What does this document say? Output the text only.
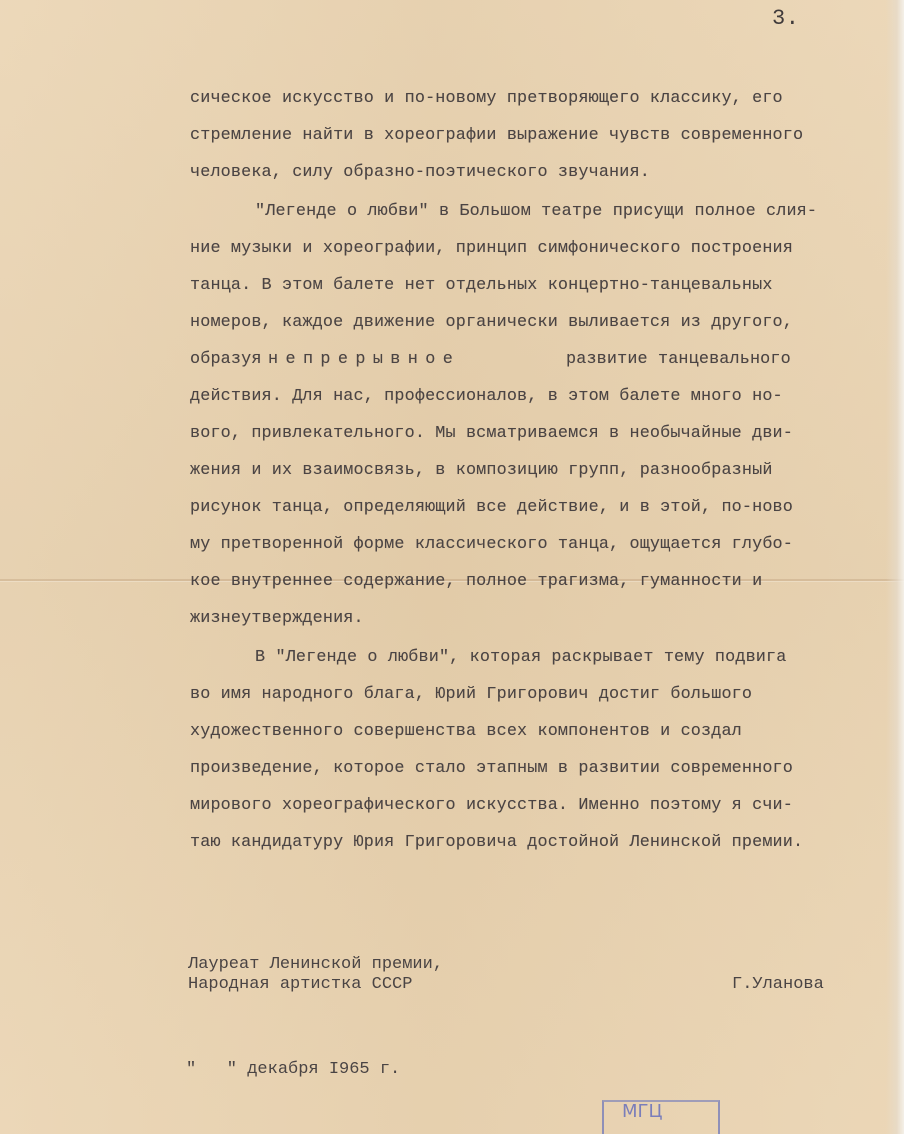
3.
сическое искусство и по-новому претворяющего классику, его
стремление найти в хореографии выражение чувств современного
человека, силу образно-поэтического звучания.
"Легенде о любви" в Большом театре присущи полное слия-
ние музыки и хореографии, принцип симфонического построения
танца. В этом балете нет отдельных концертно-танцевальных
номеров, каждое движение органически выливается из другого,
образуя
непрерывное	развитие танцевального
действия. Для нас, профессионалов, в этом балете много но-
вого, привлекательного. Мы всматриваемся в необычайные дви-
жения и их взаимосвязь, в композицию групп, разнообразный
рисунок танца, определяющий все действие, и в этой, по-ново
му претворенной форме классического танца, ощущается глубо-
кое внутреннее содержание, полное трагизма, гуманности и
жизнеутверждения.
В "Легенде о любви", которая раскрывает тему подвига
во имя народного блага, Юрий Григорович достиг большого
художественного совершенства всех компонентов и создал
произведение, которое стало этапным в развитии современного
мирового хореографического искусства. Именно поэтому я счи-
таю кандидатуру Юрия Григоровича достойной Ленинской премии.
Лауреат Ленинской премии,
Народная артистка СССР	Г.Уланова
"   " декабря I965 г.
МГЦ
